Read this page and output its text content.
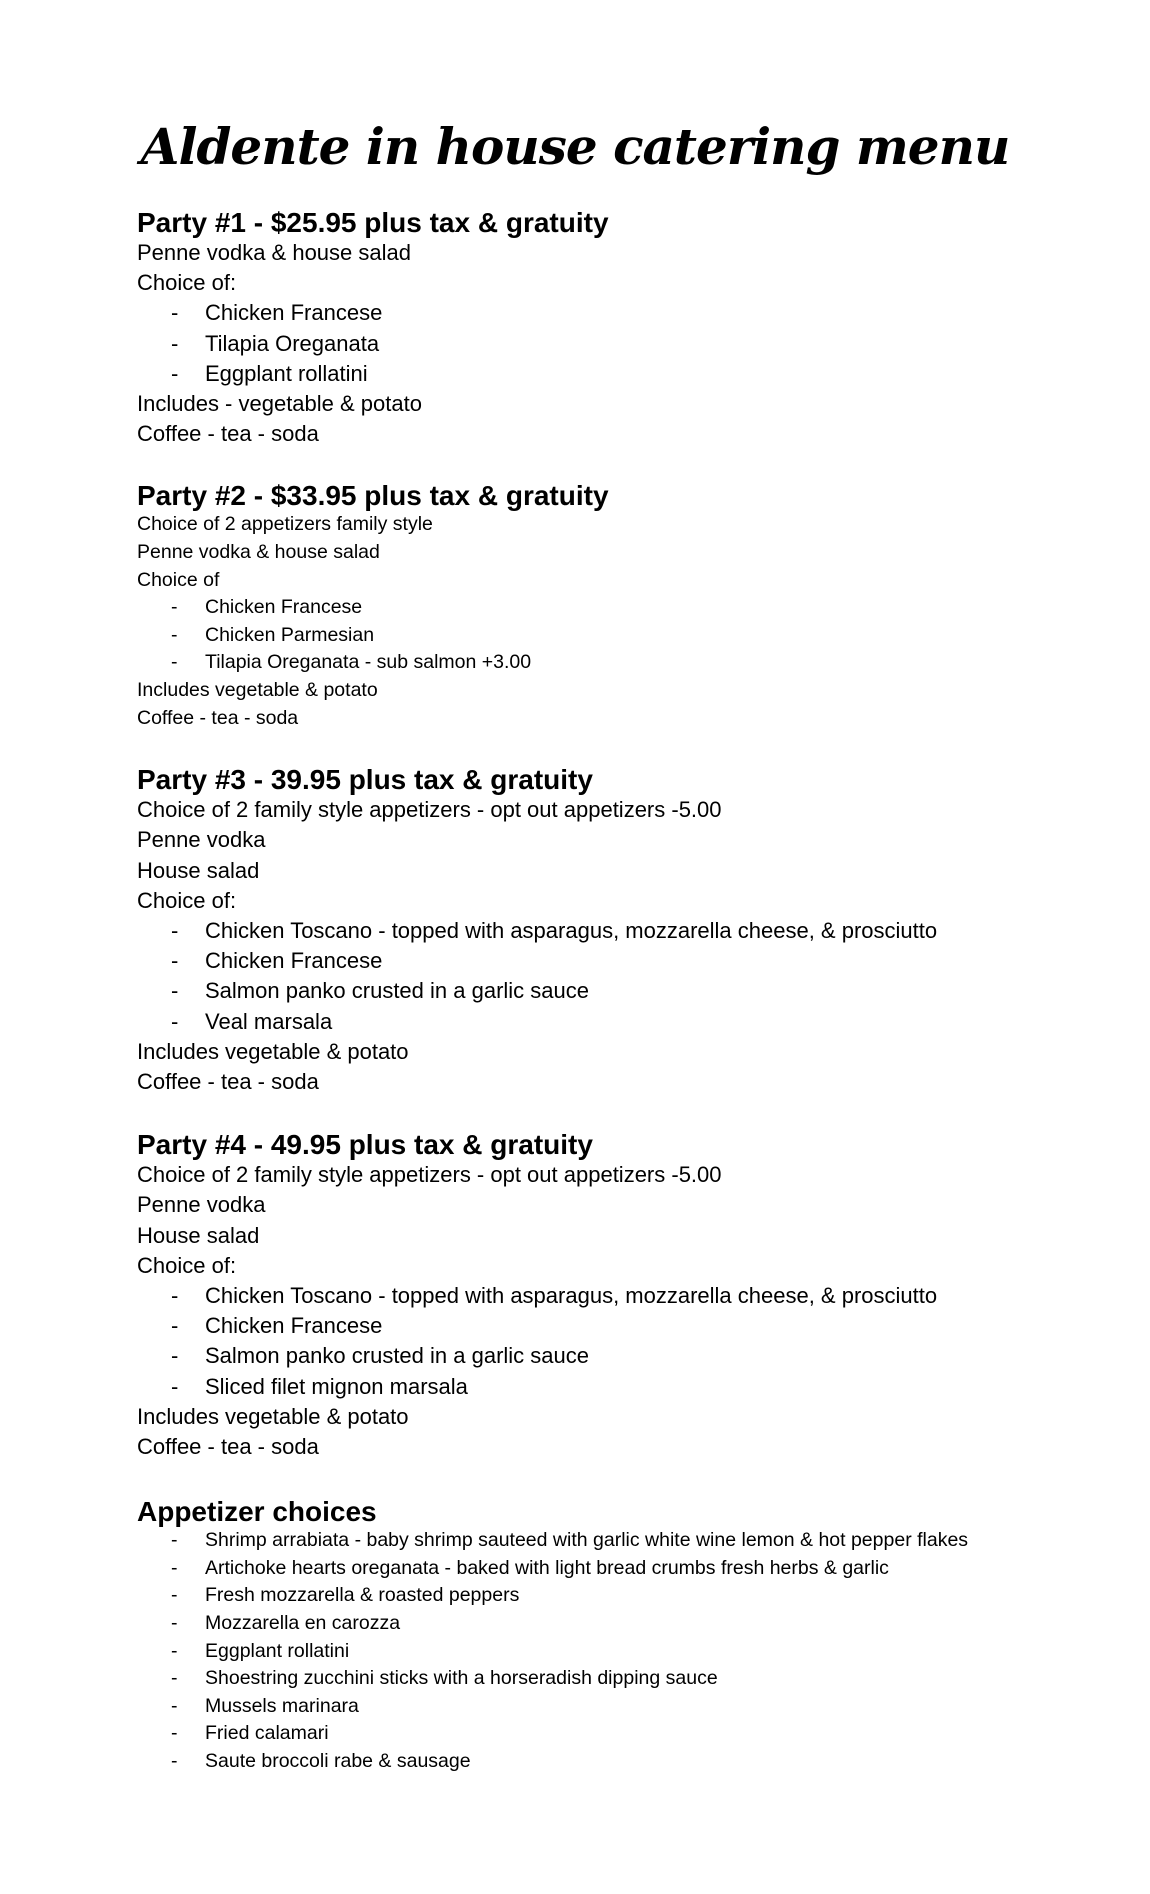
Aldente in house catering menu

Party #1 - $25.95 plus tax & gratuity

Penne vodka & house salad

Choice of:

- Chicken Francese
- Tilapia Oreganata
- Eggplant rollatini

Includes - vegetable & potato

Coffee - tea - soda

Party #2 - $33.95 plus tax & gratuity

Choice of 2 appetizers family style

Penne vodka & house salad

Choice of

- Chicken Francese
- Chicken Parmesian
- Tilapia Oreganata - sub salmon +3.00

Includes vegetable & potato

Coffee - tea - soda

Party #3 - 39.95 plus tax & gratuity

Choice of 2 family style appetizers - opt out appetizers -5.00

Penne vodka

House salad

Choice of:

- Chicken Toscano - topped with asparagus, mozzarella cheese, & prosciutto
- Chicken Francese
- Salmon panko crusted in a garlic sauce
- Veal marsala

Includes vegetable & potato

Coffee - tea - soda

Party #4 - 49.95 plus tax & gratuity

Choice of 2 family style appetizers - opt out appetizers -5.00

Penne vodka

House salad

Choice of:

- Chicken Toscano - topped with asparagus, mozzarella cheese, & prosciutto
- Chicken Francese
- Salmon panko crusted in a garlic sauce
- Sliced filet mignon marsala

Includes vegetable & potato

Coffee - tea - soda

Appetizer choices

- Shrimp arrabiata - baby shrimp sauteed with garlic white wine lemon & hot pepper flakes
- Artichoke hearts oreganata - baked with light bread crumbs fresh herbs & garlic
- Fresh mozzarella & roasted peppers
- Mozzarella en carozza
- Eggplant rollatini
- Shoestring zucchini sticks with a horseradish dipping sauce
- Mussels marinara
- Fried calamari
- Saute broccoli rabe & sausage
